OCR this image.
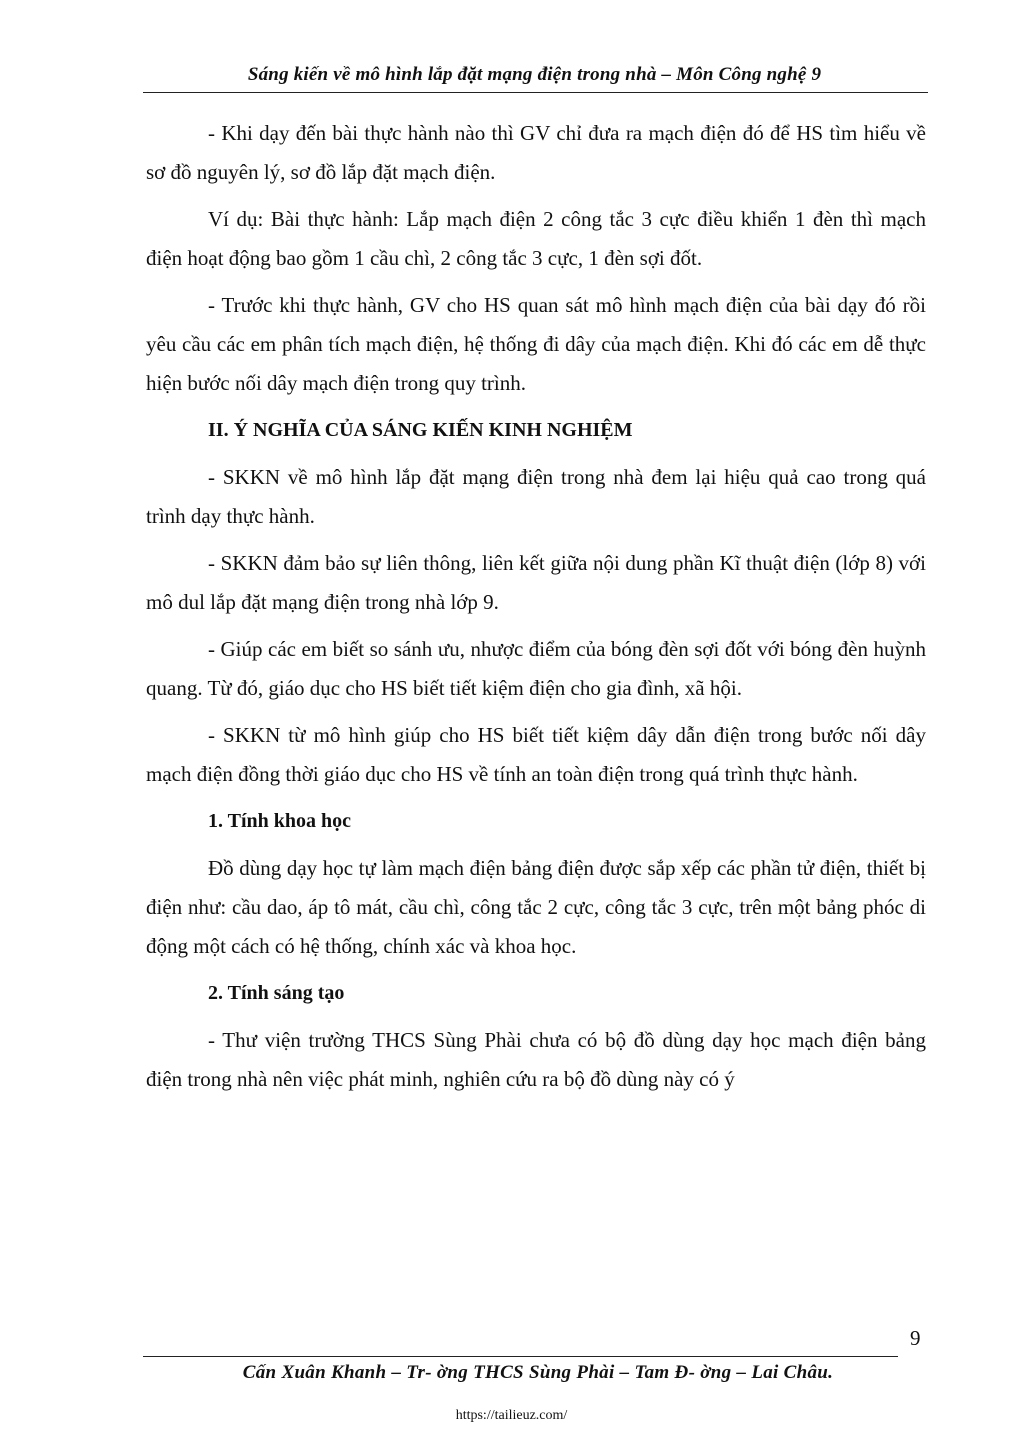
Sáng kiến về mô hình lắp đặt mạng điện trong nhà – Môn Công nghệ 9

- Khi dạy đến bài thực hành nào thì GV chỉ đưa ra mạch điện đó để HS tìm hiểu về sơ đồ nguyên lý, sơ đồ lắp đặt mạch điện.

Ví dụ: Bài thực hành: Lắp mạch điện 2 công tắc 3 cực điều khiển 1 đèn thì mạch điện hoạt động bao gồm 1 cầu chì, 2 công tắc 3 cực, 1 đèn sợi đốt.

- Trước khi thực hành, GV cho HS quan sát mô hình mạch điện của bài dạy đó rồi yêu cầu các em phân tích mạch điện, hệ thống đi dây của mạch điện. Khi đó các em dễ thực hiện bước nối dây mạch điện trong quy trình.

II. Ý NGHĨA CỦA SÁNG KIẾN KINH NGHIỆM

- SKKN về mô hình lắp đặt mạng điện trong nhà đem lại hiệu quả cao trong quá trình dạy thực hành.

- SKKN đảm bảo sự liên thông, liên kết giữa nội dung phần Kĩ thuật điện (lớp 8) với mô dul lắp đặt mạng điện trong nhà lớp 9.

- Giúp các em biết so sánh ưu, nhược điểm của bóng đèn sợi đốt với bóng đèn huỳnh quang. Từ đó, giáo dục cho HS biết tiết kiệm điện cho gia đình, xã hội.

- SKKN từ mô hình giúp cho HS biết tiết kiệm dây dẫn điện trong bước nối dây mạch điện đồng thời giáo dục cho HS về tính an toàn điện trong quá trình thực hành.

1. Tính khoa học

Đồ dùng dạy học tự làm mạch điện bảng điện được sắp xếp các phần tử điện, thiết bị điện như: cầu dao, áp tô mát, cầu chì, công tắc 2 cực, công tắc 3 cực, trên một bảng phóc di động một cách có hệ thống, chính xác và khoa học.

2. Tính sáng tạo

- Thư viện trường THCS Sùng Phài chưa có bộ đồ dùng dạy học mạch điện bảng điện trong nhà nên việc phát minh, nghiên cứu ra bộ đồ dùng này có ý

9
Cấn Xuân Khanh – Tr- ờng THCS Sùng Phài – Tam Đ- ờng – Lai Châu.
https://tailieuz.com/
